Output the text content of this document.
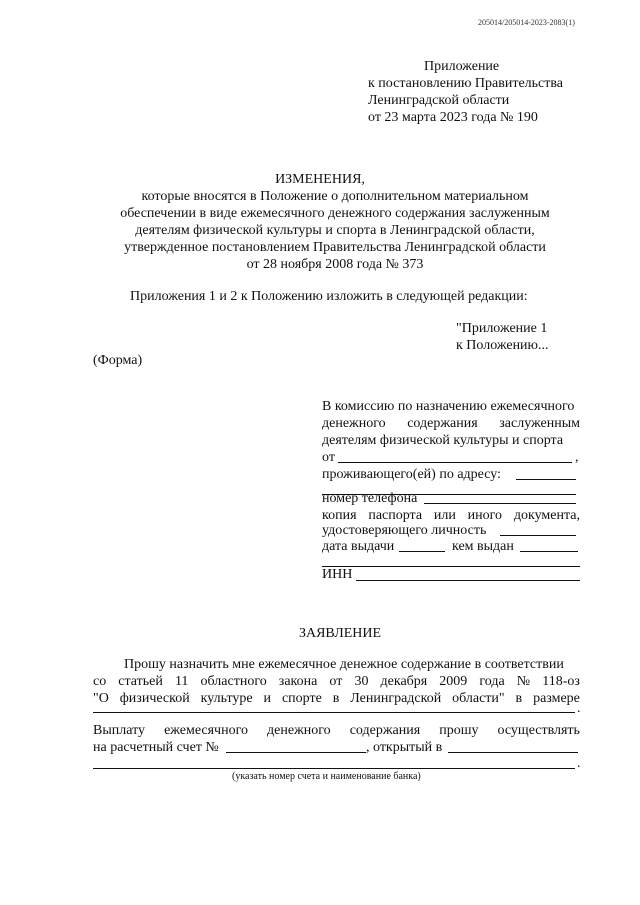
205014/205014-2023-2083(1)
Приложение
к постановлению Правительства
Ленинградской области
от 23 марта 2023 года № 190
ИЗМЕНЕНИЯ,
которые вносятся в Положение о дополнительном материальном
обеспечении в виде ежемесячного денежного содержания заслуженным
деятелям физической культуры и спорта в Ленинградской области,
утвержденное постановлением Правительства Ленинградской области
от 28 ноября 2008 года № 373
Приложения 1 и 2 к Положению изложить в следующей редакции:
"Приложение 1
к Положению...
(Форма)
В комиссию по назначению ежемесячного
денежного содержания заслуженным
деятелям физической культуры и спорта
от	,
проживающего(ей) по адресу:
номер телефона
копия паспорта или иного документа,
удостоверяющего личность
дата выдачи	кем выдан
ИНН
ЗАЯВЛЕНИЕ
Прошу назначить мне ежемесячное денежное содержание в соответствии
со статьей 11 областного закона от 30 декабря 2009 года № 118-оз
"О физической культуре и спорте в Ленинградской области" в размере
.
Выплату ежемесячного денежного содержания прошу осуществлять
на расчетный счет №	, открытый в
.
(указать номер счета и наименование банка)
